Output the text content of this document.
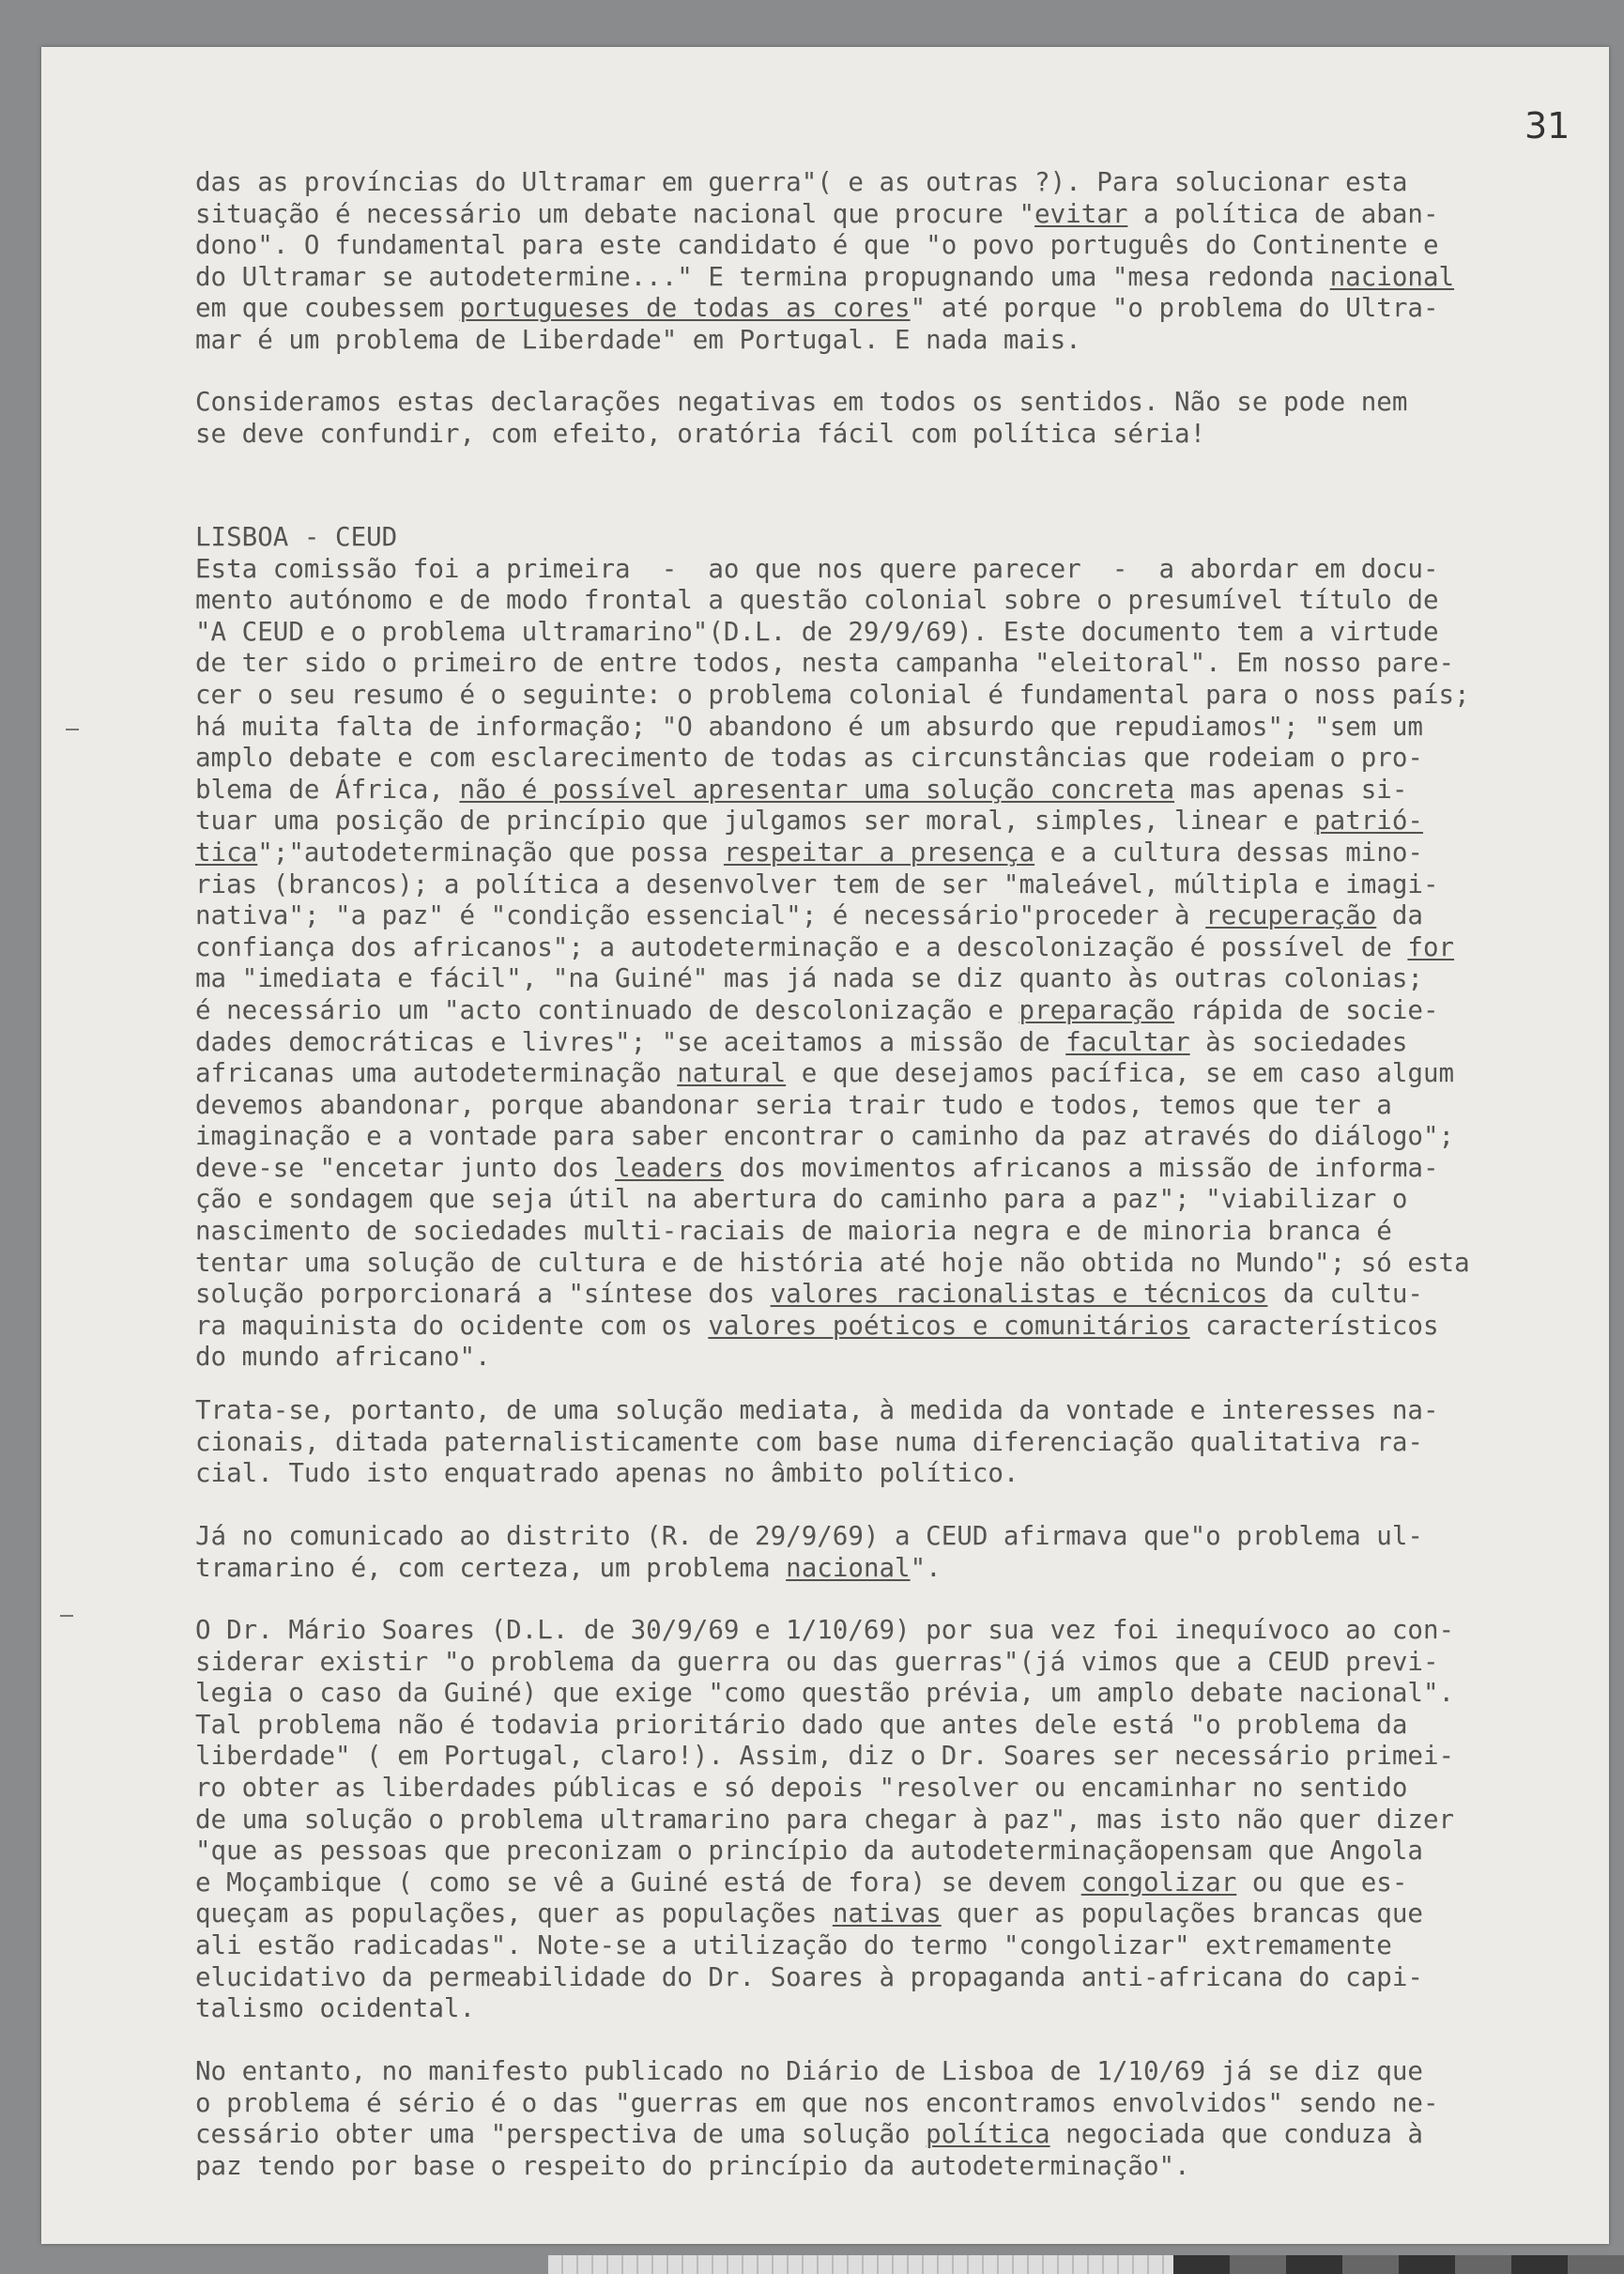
31
das as províncias do Ultramar em guerra"( e as outras ?). Para solucionar esta
situação é necessário um debate nacional que procure "evitar a política de aban-
dono". O fundamental para este candidato é que "o povo português do Continente e
do Ultramar se autodetermine..." E termina propugnando uma "mesa redonda nacional
em que coubessem portugueses de todas as cores" até porque "o problema do Ultra-
mar é um problema de Liberdade" em Portugal. E nada mais.
Consideramos estas declarações negativas em todos os sentidos. Não se pode nem
se deve confundir, com efeito, oratória fácil com política séria!
LISBOA - CEUD
Esta comissão foi a primeira  -  ao que nos quere parecer  -  a abordar em docu-
mento autónomo e de modo frontal a questão colonial sobre o presumível título de
"A CEUD e o problema ultramarino"(D.L. de 29/9/69). Este documento tem a virtude
de ter sido o primeiro de entre todos, nesta campanha "eleitoral". Em nosso pare-
cer o seu resumo é o seguinte: o problema colonial é fundamental para o noss país;
há muita falta de informação; "O abandono é um absurdo que repudiamos"; "sem um
amplo debate e com esclarecimento de todas as circunstâncias que rodeiam o pro-
blema de África, não é possível apresentar uma solução concreta mas apenas si-
tuar uma posição de princípio que julgamos ser moral, simples, linear e patrió-
tica";"autodeterminação que possa respeitar a presença e a cultura dessas mino-
rias (brancos); a política a desenvolver tem de ser "maleável, múltipla e imagi-
nativa"; "a paz" é "condição essencial"; é necessário"proceder à recuperação da
confiança dos africanos"; a autodeterminação e a descolonização é possível de for
ma "imediata e fácil", "na Guiné" mas já nada se diz quanto às outras colonias;
é necessário um "acto continuado de descolonização e preparação rápida de socie-
dades democráticas e livres"; "se aceitamos a missão de facultar às sociedades
africanas uma autodeterminação natural e que desejamos pacífica, se em caso algum
devemos abandonar, porque abandonar seria trair tudo e todos, temos que ter a
imaginação e a vontade para saber encontrar o caminho da paz através do diálogo";
deve-se "encetar junto dos leaders dos movimentos africanos a missão de informa-
ção e sondagem que seja útil na abertura do caminho para a paz"; "viabilizar o
nascimento de sociedades multi-raciais de maioria negra e de minoria branca é
tentar uma solução de cultura e de história até hoje não obtida no Mundo"; só esta
solução porporcionará a "síntese dos valores racionalistas e técnicos da cultu-
ra maquinista do ocidente com os valores poéticos e comunitários característicos
do mundo africano".
Trata-se, portanto, de uma solução mediata, à medida da vontade e interesses na-
cionais, ditada paternalisticamente com base numa diferenciação qualitativa ra-
cial. Tudo isto enquatrado apenas no âmbito político.
Já no comunicado ao distrito (R. de 29/9/69) a CEUD afirmava que"o problema ul-
tramarino é, com certeza, um problema nacional".
O Dr. Mário Soares (D.L. de 30/9/69 e 1/10/69) por sua vez foi inequívoco ao con-
siderar existir "o problema da guerra ou das guerras"(já vimos que a CEUD previ-
legia o caso da Guiné) que exige "como questão prévia, um amplo debate nacional".
Tal problema não é todavia prioritário dado que antes dele está "o problema da
liberdade" ( em Portugal, claro!). Assim, diz o Dr. Soares ser necessário primei-
ro obter as liberdades públicas e só depois "resolver ou encaminhar no sentido
de uma solução o problema ultramarino para chegar à paz", mas isto não quer dizer
"que as pessoas que preconizam o princípio da autodeterminaçãopensam que Angola
e Moçambique ( como se vê a Guiné está de fora) se devem congolizar ou que es-
queçam as populações, quer as populações nativas quer as populações brancas que
ali estão radicadas". Note-se a utilização do termo "congolizar" extremamente
elucidativo da permeabilidade do Dr. Soares à propaganda anti-africana do capi-
talismo ocidental.
No entanto, no manifesto publicado no Diário de Lisboa de 1/10/69 já se diz que
o problema é sério é o das "guerras em que nos encontramos envolvidos" sendo ne-
cessário obter uma "perspectiva de uma solução política negociada que conduza à
paz tendo por base o respeito do princípio da autodeterminação".
